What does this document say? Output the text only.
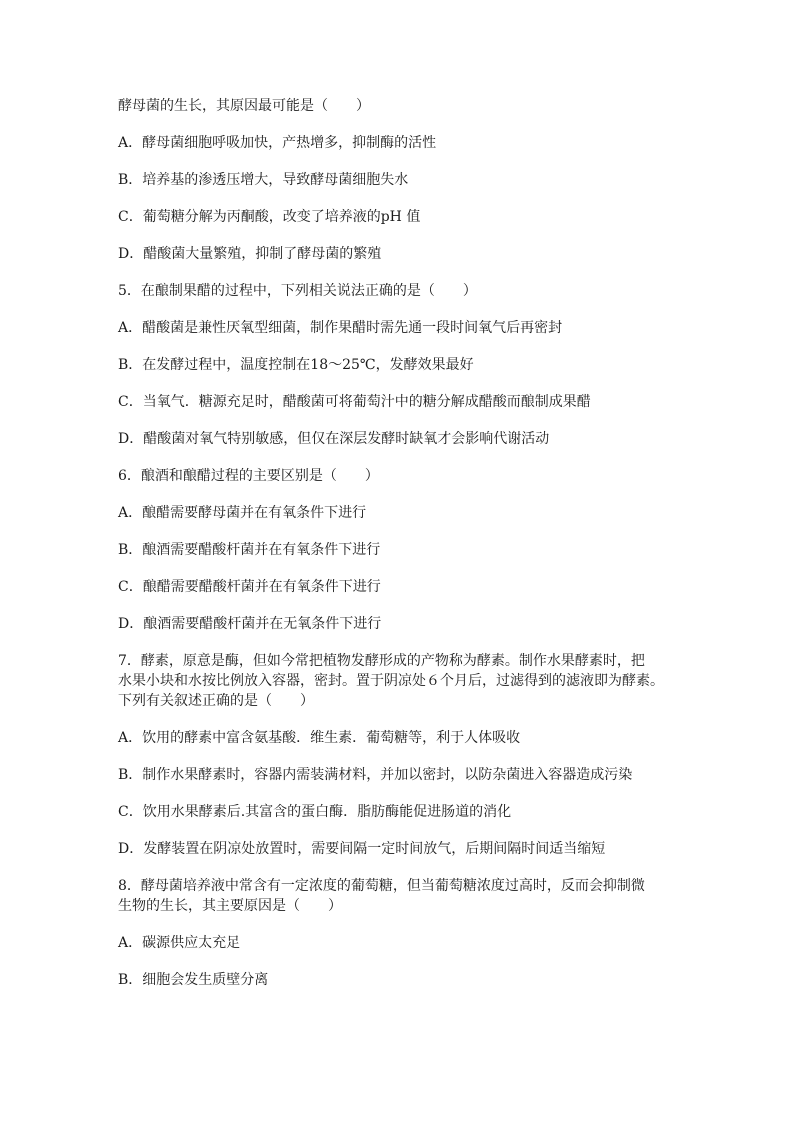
酵母菌的生长，其原因最可能是（　　）

A．酵母菌细胞呼吸加快，产热增多，抑制酶的活性

B．培养基的渗透压增大，导致酵母菌细胞失水

C．葡萄糖分解为丙酮酸，改变了培养液的pH 值

D．醋酸菌大量繁殖，抑制了酵母菌的繁殖

5．在酿制果醋的过程中，下列相关说法正确的是（　　）

A．醋酸菌是兼性厌氧型细菌，制作果醋时需先通一段时间氧气后再密封

B．在发酵过程中，温度控制在18～25℃，发酵效果最好

C．当氧气．糖源充足时，醋酸菌可将葡萄汁中的糖分解成醋酸而酿制成果醋

D．醋酸菌对氧气特别敏感，但仅在深层发酵时缺氧才会影响代谢活动

6．酿酒和酿醋过程的主要区别是（　　）

A．酿醋需要酵母菌并在有氧条件下进行

B．酿酒需要醋酸杆菌并在有氧条件下进行

C．酿醋需要醋酸杆菌并在有氧条件下进行

D．酿酒需要醋酸杆菌并在无氧条件下进行

7．酵素，原意是酶，但如今常把植物发酵形成的产物称为酵素。制作水果酵素时，把

水果小块和水按比例放入容器，密封。置于阴凉处６个月后，过滤得到的滤液即为酵素。

下列有关叙述正确的是（　　）

A．饮用的酵素中富含氨基酸．维生素．葡萄糖等，利于人体吸收

B．制作水果酵素时，容器内需装满材料，并加以密封，以防杂菌进入容器造成污染

C．饮用水果酵素后.其富含的蛋白酶．脂肪酶能促进肠道的消化

D．发酵装置在阴凉处放置时，需要间隔一定时间放气，后期间隔时间适当缩短

8．酵母菌培养液中常含有一定浓度的葡萄糖，但当葡萄糖浓度过高时，反而会抑制微

生物的生长，其主要原因是（　　）

A．碳源供应太充足

B．细胞会发生质壁分离
